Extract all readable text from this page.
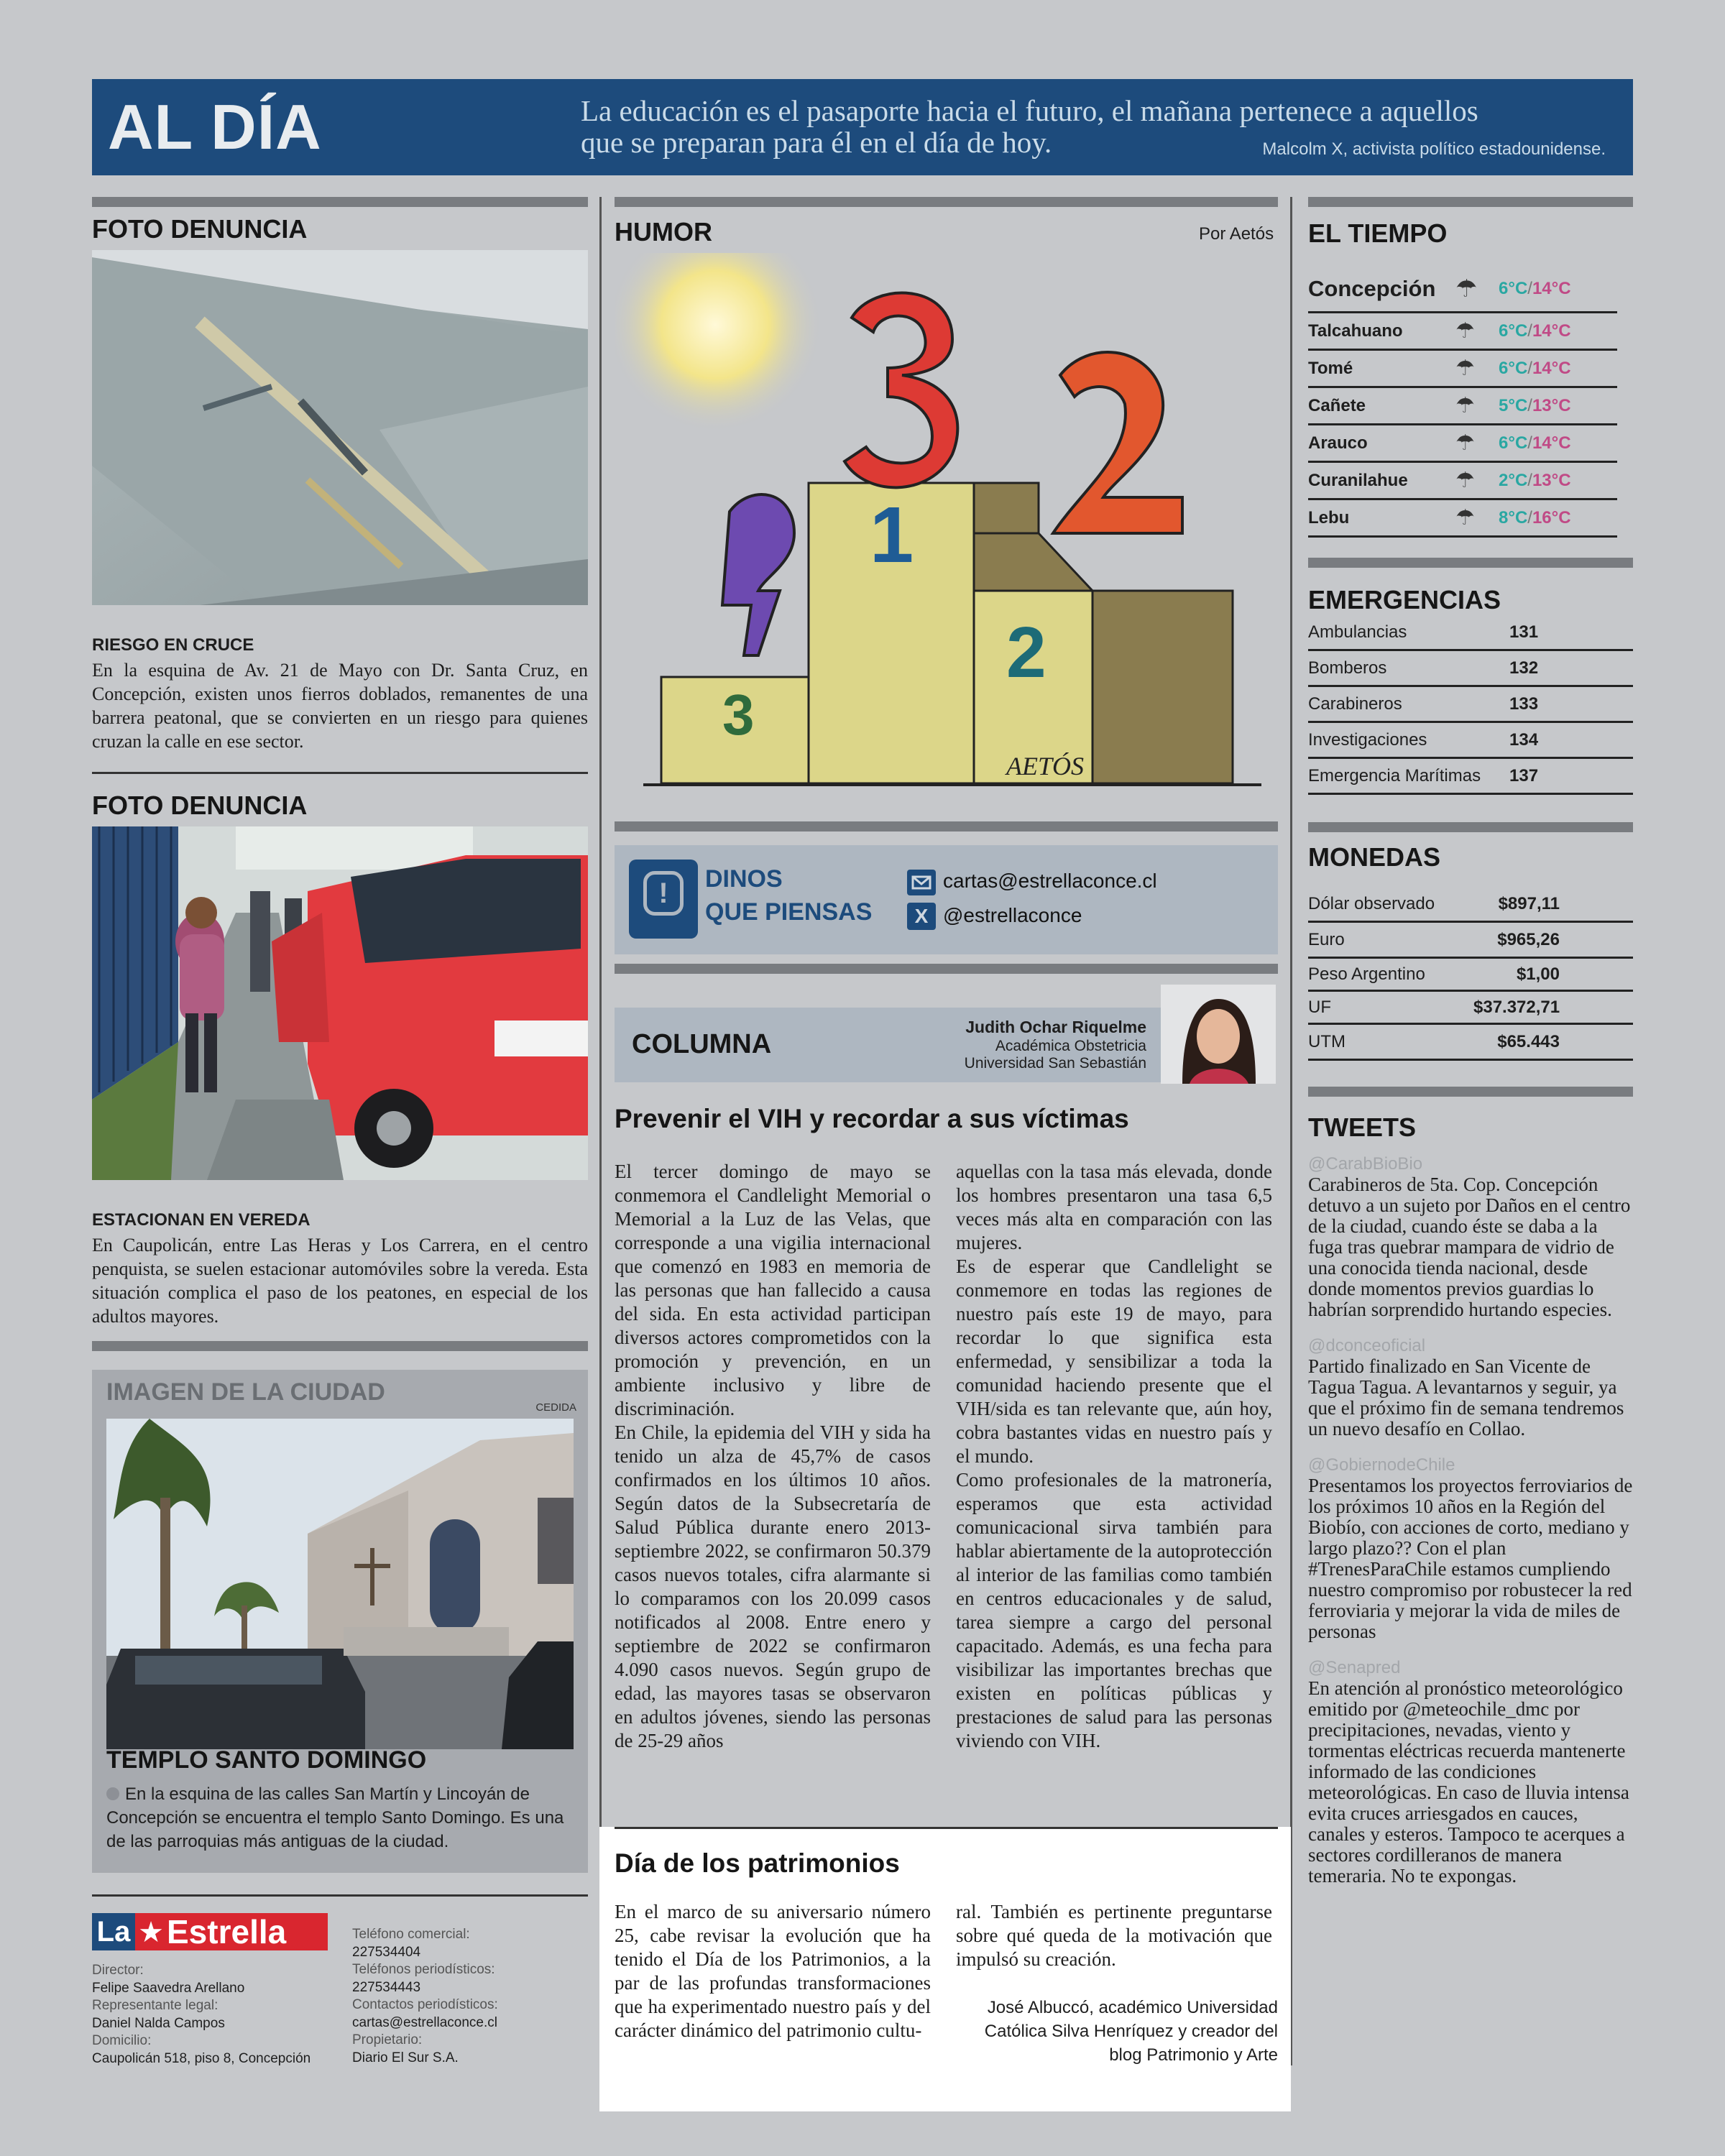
AL DÍA	La educación es el pasaporte hacia el futuro, el mañana pertenece a aquellos
que se preparan para él en el día de hoy.	Malcolm X, activista político estadounidense.
FOTO DENUNCIA
RIESGO EN CRUCE
En la esquina de Av. 21 de Mayo con Dr. Santa Cruz, en Concepción, existen unos fierros doblados, remanentes de una barrera peatonal, que se convierten en un riesgo para quienes cruzan la calle en ese sector.
FOTO DENUNCIA
ESTACIONAN EN VEREDA
En Caupolicán, entre Las Heras y Los Carrera, en el centro penquista, se suelen estacionar automóviles sobre la vereda. Esta situación complica el paso de los peatones, en especial de los adultos mayores.
IMAGEN DE LA CIUDAD
CEDIDA
TEMPLO SANTO DOMINGO
En la esquina de las calles San Martín y Lincoyán de Concepción se encuentra el templo Santo Domingo. Es una de las parroquias más antiguas de la ciudad.
La ★ Estrella
Director:
Felipe Saavedra Arellano
Representante legal:
Daniel Nalda Campos
Domicilio:
Caupolicán 518, piso 8, Concepción
Teléfono comercial:
227534404
Teléfonos periodísticos:
227534443
Contactos periodísticos:
cartas@estrellaconce.cl
Propietario:
Diario El Sur S.A.
HUMOR	Por Aetós
1
2
3
AETÓS
!	DINOS
QUE PIENSAS
cartas@estrellaconce.cl
X @estrellaconce
COLUMNA
Judith Ochar Riquelme
Académica Obstetricia
Universidad San Sebastián
Prevenir el VIH y recordar a sus víctimas
El tercer domingo de mayo se conmemora el Candlelight Memorial o Memorial a la Luz de las Velas, que corresponde a una vigilia internacional que comenzó en 1983 en memoria de las personas que han fallecido a causa del sida. En esta actividad participan diversos actores comprometidos con la promoción y prevención, en un ambiente inclusivo y libre de discriminación.
En Chile, la epidemia del VIH y sida ha tenido un alza de 45,7% de casos confirmados en los últimos 10 años. Según datos de la Subsecretaría de Salud Pública durante enero 2013- septiembre 2022, se confirmaron 50.379 casos nuevos totales, cifra alarmante si lo comparamos con los 20.099 casos notificados al 2008. Entre enero y septiembre de 2022 se confirmaron 4.090 casos nuevos. Según grupo de edad, las mayores tasas se observaron en adultos jóvenes, siendo las personas de 25-29 años
aquellas con la tasa más elevada, donde los hombres presentaron una tasa 6,5 veces más alta en comparación con las mujeres.
Es de esperar que Candlelight se conmemore en todas las regiones de nuestro país este 19 de mayo, para recordar lo que significa esta enfermedad, y sensibilizar a toda la comunidad haciendo presente que el VIH/sida es tan relevante que, aún hoy, cobra bastantes vidas en nuestro país y el mundo.
Como profesionales de la matronería, esperamos que esta actividad comunicacional sirva también para hablar abiertamente de la autoprotección al interior de las familias como también en centros educacionales y de salud, tarea siempre a cargo del personal capacitado. Además, es una fecha para visibilizar las importantes brechas que existen en políticas públicas y prestaciones de salud para las personas viviendo con VIH.
Día de los patrimonios
En el marco de su aniversario número 25, cabe revisar la evolución que ha tenido el Día de los Patrimonios, a la par de las profundas transformaciones que ha experimentado nuestro país y del carácter dinámico del patrimonio cultu-
ral. También es pertinente preguntarse sobre qué queda de la motivación que impulsó su creación.
José Albuccó, académico Universidad
Católica Silva Henríquez y creador del
blog Patrimonio y Arte
EL TIEMPO
Concepción ☂	6°C / 14°C
Talcahuano	☂	6°C / 14°C
Tomé	☂	6°C / 14°C
Cañete	☂	5°C / 13°C
Arauco	☂	6°C / 14°C
Curanilahue	☂	2°C / 13°C
Lebu	☂	8°C / 16°C
EMERGENCIAS
Ambulancias	131
Bomberos	132
Carabineros	133
Investigaciones	134
Emergencia Marítimas	137
MONEDAS
Dólar observado	$897,11
Euro	$965,26
Peso Argentino	$1,00
UF	$37.372,71
UTM	$65.443
TWEETS
@CarabBioBio
Carabineros de 5ta. Cop. Concepción detuvo a un sujeto por Daños en el centro de la ciudad, cuando éste se daba a la fuga tras quebrar mampara de vidrio de una conocida tienda nacional, desde donde momentos previos guardias lo habrían sorprendido hurtando especies.
@dconceoficial
Partido finalizado en San Vicente de Tagua Tagua. A levantarnos y seguir, ya que el próximo fin de semana tendremos un nuevo desafío en Collao.
@GobiernodeChile
Presentamos los proyectos ferroviarios de los próximos 10 años en la Región del Biobío, con acciones de corto, mediano y largo plazo?? Con el plan #TrenesParaChile estamos cumpliendo nuestro compromiso por robustecer la red ferroviaria y mejorar la vida de miles de personas
@Senapred
En atención al pronóstico meteorológico emitido por @meteochile_dmc por precipitaciones, nevadas, viento y tormentas eléctricas recuerda mantenerte informado de las condiciones meteorológicas. En caso de lluvia intensa evita cruces arriesgados en cauces, canales y esteros. Tampoco te acerques a sectores cordilleranos de manera temeraria. No te expongas.
